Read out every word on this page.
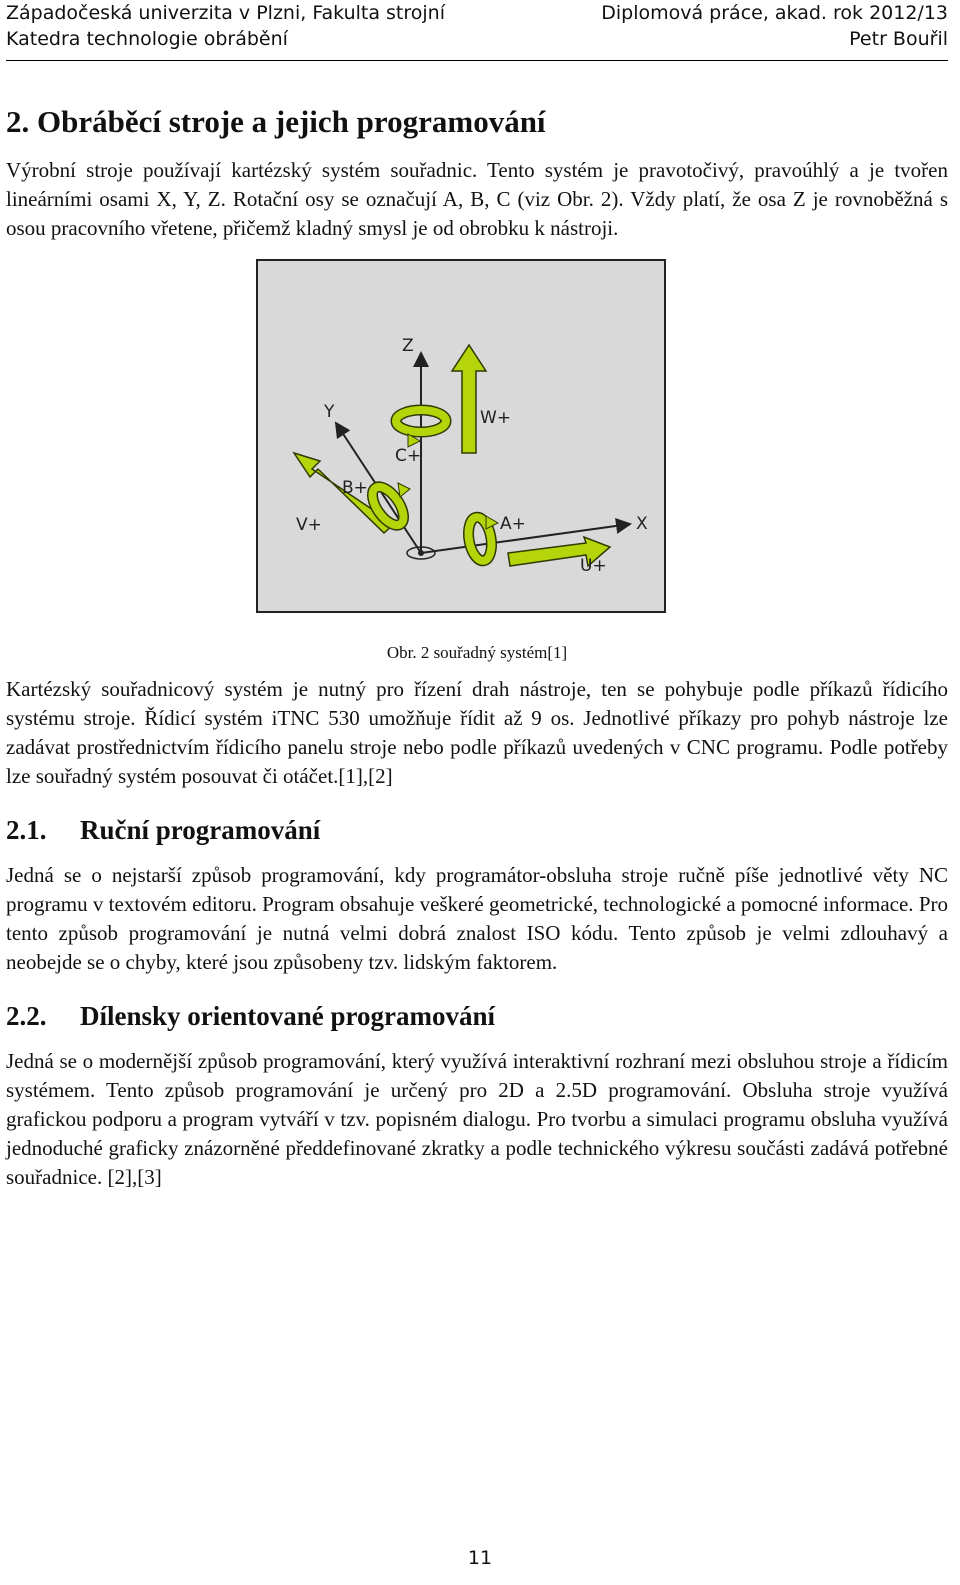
Západočeská univerzita v Plzni, Fakulta strojní	Diplomová práce, akad. rok 2012/13
Katedra technologie obrábění	Petr Bouřil
2. Obráběcí stroje a jejich programování

Výrobní stroje používají kartézský systém souřadnic. Tento systém je pravotočivý, pravoúhlý a je tvořen lineárními osami X, Y, Z. Rotační osy se označují A, B, C (viz Obr. 2). Vždy platí, že osa Z je rovnoběžná s osou pracovního vřetene, přičemž kladný smysl je od obrobku k nástroji.

Z
Y
X
W+
C+
B+
V+	A+
U+
Obr. 2 souřadný systém[1]

Kartézský souřadnicový systém je nutný pro řízení drah nástroje, ten se pohybuje podle příkazů řídicího systému stroje. Řídicí systém iTNC 530 umožňuje řídit až 9 os. Jednotlivé příkazy pro pohyb nástroje lze zadávat prostřednictvím řídicího panelu stroje nebo podle příkazů uvedených v CNC programu. Podle potřeby lze souřadný systém posouvat či otáčet.[1],[2]

2.1.	Ruční programování

Jedná se o nejstarší způsob programování, kdy programátor-obsluha stroje ručně píše jednotlivé věty NC programu v textovém editoru. Program obsahuje veškeré geometrické, technologické a pomocné informace. Pro tento způsob programování je nutná velmi dobrá znalost ISO kódu. Tento způsob je velmi zdlouhavý a neobejde se o chyby, které jsou způsobeny tzv. lidským faktorem.

2.2.	Dílensky orientované programování

Jedná se o modernější způsob programování, který využívá interaktivní rozhraní mezi obsluhou stroje a řídicím systémem. Tento způsob programování je určený pro 2D a 2.5D programování. Obsluha stroje využívá grafickou podporu a program vytváří v tzv. popisném dialogu. Pro tvorbu a simulaci programu obsluha využívá jednoduché graficky znázorněné předdefinované zkratky a podle technického výkresu součásti zadává potřebné souřadnice. [2],[3]

11
